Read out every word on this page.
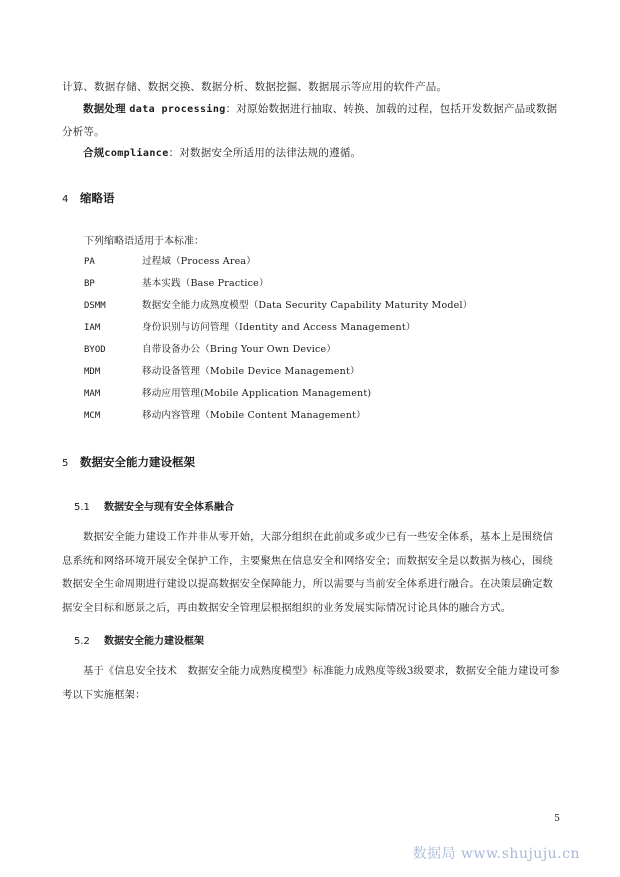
计算、数据存储、数据交换、数据分析、数据挖掘、数据展示等应用的软件产品。

数据处理 data processing：对原始数据进行抽取、转换、加载的过程，包括开发数据产品或数据分析等。

合规compliance：对数据安全所适用的法律法规的遵循。

4 缩略语

下列缩略语适用于本标准：

PA	过程域（Process Area）
BP	基本实践（Base Practice）
DSMM	数据安全能力成熟度模型（Data Security Capability Maturity Model）
IAM	身份识别与访问管理（Identity and Access Management）
BYOD	自带设备办公（Bring Your Own Device）
MDM	移动设备管理（Mobile Device Management）
MAM	移动应用管理(Mobile Application Management)
MCM	移动内容管理（Mobile Content Management）
5 数据安全能力建设框架
5.1 数据安全与现有安全体系融合

数据安全能力建设工作并非从零开始，大部分组织在此前或多或少已有一些安全体系，基本上是围绕信息系统和网络环境开展安全保护工作，主要聚焦在信息安全和网络安全；而数据安全是以数据为核心，围绕数据安全生命周期进行建设以提高数据安全保障能力，所以需要与当前安全体系进行融合。在决策层确定数据安全目标和愿景之后，再由数据安全管理层根据组织的业务发展实际情况讨论具体的融合方式。

5.2 数据安全能力建设框架

基于《信息安全技术　数据安全能力成熟度模型》标准能力成熟度等级3级要求，数据安全能力建设可参考以下实施框架：

5

数据局 www.shujuju.cn
